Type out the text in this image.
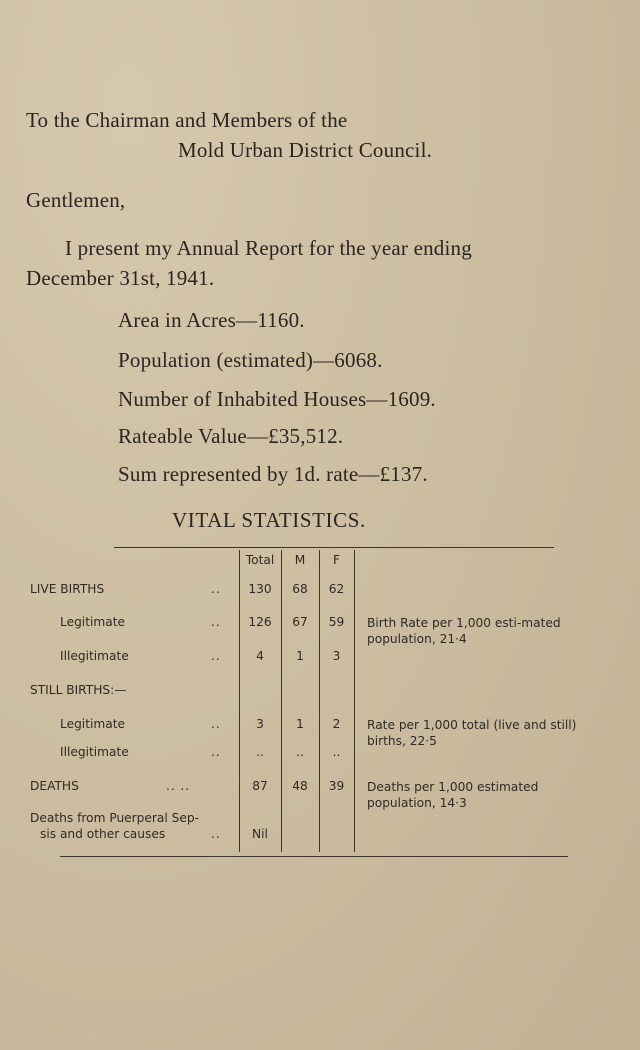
To the Chairman and Members of the
Mold Urban District Council.
Gentlemen,
I present my Annual Report for the year ending
December 31st, 1941.
Area in Acres—1160.
Population (estimated)—6068.
Number of Inhabited Houses—1609.
Rateable Value—£35,512.
Sum represented by 1d. rate—£137.
VITAL STATISTICS.
Total	M	F
LIVE BIRTHS	..	130	68	62
Legitimate	..	126	67	59	Birth Rate per 1,000 esti-mated population, 21·4
Illegitimate	..	4	1	3
STILL BIRTHS:—
Legitimate	..	3	1	2	Rate per 1,000 total (live and still) births, 22·5
Illegitimate	..	..	..	..
DEATHS	.. ..	87	48	39	Deaths per 1,000 estimated population, 14·3
Deaths from Puerperal Sep-
sis and other causes	..	Nil
